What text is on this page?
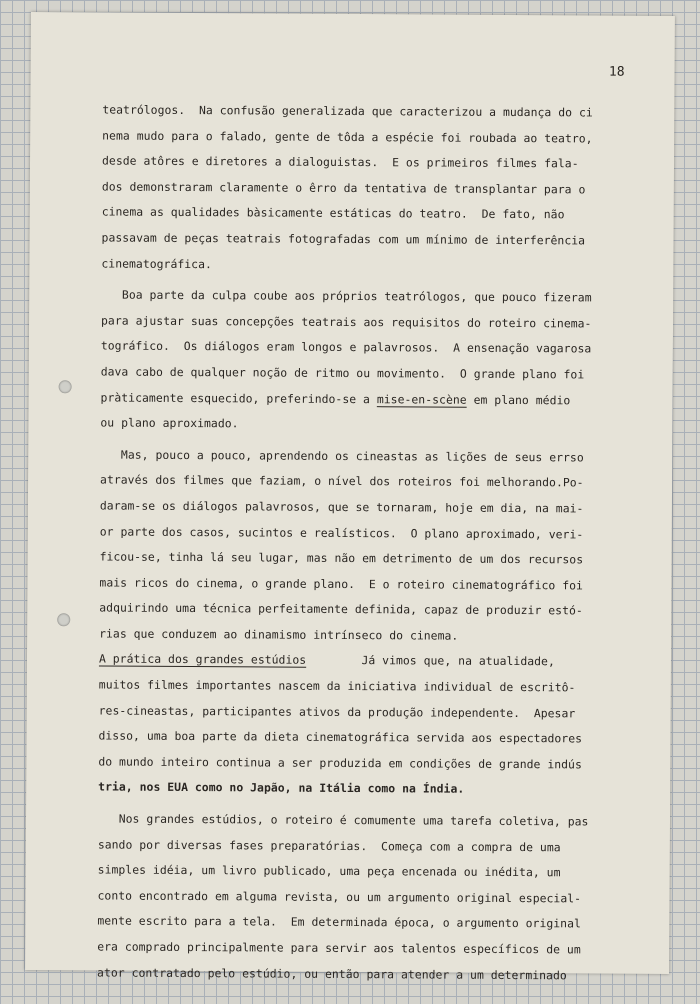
18
teatrólogos.  Na confusão generalizada que caracterizou a mudança do ci
nema mudo para o falado, gente de tôda a espécie foi roubada ao teatro,
desde atôres e diretores a dialoguistas.  E os primeiros filmes fala-
dos demonstraram claramente o êrro da tentativa de transplantar para o
cinema as qualidades bàsicamente estáticas do teatro.  De fato, não
passavam de peças teatrais fotografadas com um mínimo de interferência
cinematográfica.
Boa parte da culpa coube aos próprios teatrólogos, que pouco fizeram
para ajustar suas concepções teatrais aos requisitos do roteiro cinema-
tográfico.  Os diálogos eram longos e palavrosos.  A ensenação vagarosa
dava cabo de qualquer noção de ritmo ou movimento.  O grande plano foi
pràticamente esquecido, preferindo-se a mise-en-scène em plano médio
ou plano aproximado.
Mas, pouco a pouco, aprendendo os cineastas as lições de seus errso
através dos filmes que faziam, o nível dos roteiros foi melhorando.Po-
daram-se os diálogos palavrosos, que se tornaram, hoje em dia, na mai-
or parte dos casos, sucintos e realísticos.  O plano aproximado, veri-
ficou-se, tinha lá seu lugar, mas não em detrimento de um dos recursos
mais ricos do cinema, o grande plano.  E o roteiro cinematográfico foi
adquirindo uma técnica perfeitamente definida, capaz de produzir estó-
rias que conduzem ao dinamismo intrínseco do cinema.
A prática dos grandes estúdios        Já vimos que, na atualidade,
muitos filmes importantes nascem da iniciativa individual de escritô-
res-cineastas, participantes ativos da produção independente.  Apesar
disso, uma boa parte da dieta cinematográfica servida aos espectadores
do mundo inteiro continua a ser produzida em condições de grande indús
tria, nos EUA como no Japão, na Itália como na Índia.
Nos grandes estúdios, o roteiro é comumente uma tarefa coletiva, pas
sando por diversas fases preparatórias.  Começa com a compra de uma
simples idéia, um livro publicado, uma peça encenada ou inédita, um
conto encontrado em alguma revista, ou um argumento original especial-
mente escrito para a tela.  Em determinada época, o argumento original
era comprado principalmente para servir aos talentos específicos de um
ator contratado pelo estúdio, ou então para atender a um determinado
